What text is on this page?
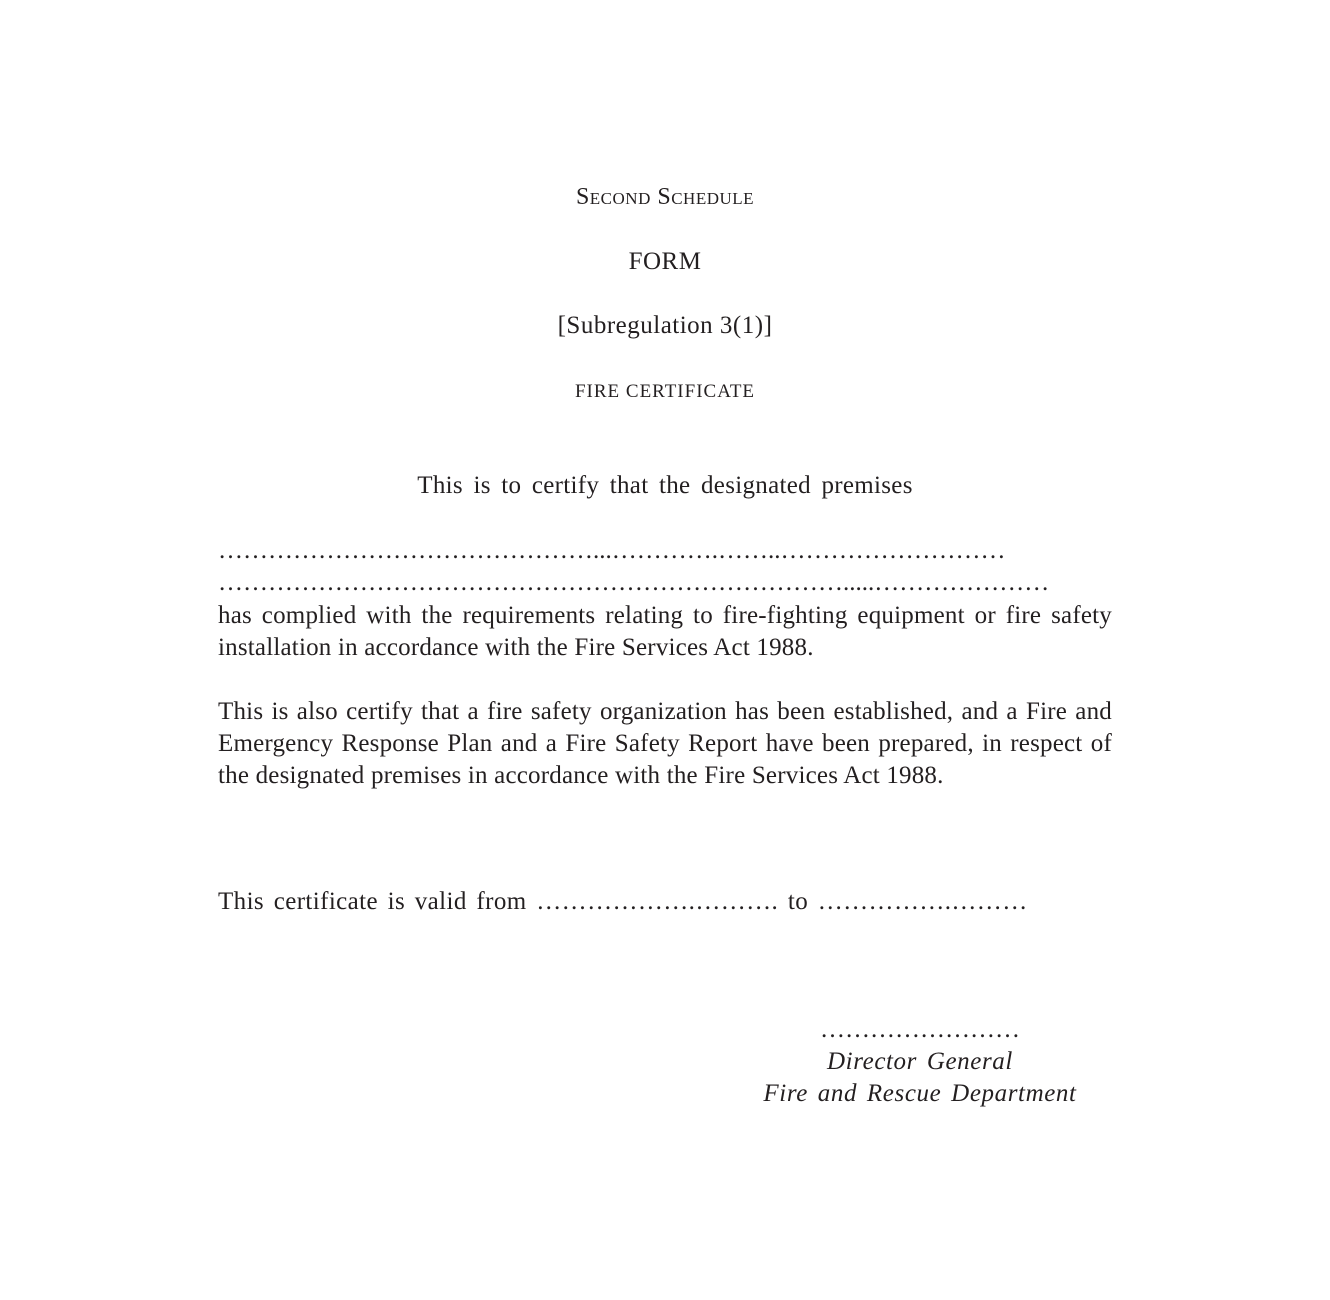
Second Schedule
FORM
[Subregulation 3(1)]
FIRE CERTIFICATE
This is to certify that the designated premises
………………………………………...………….……..………………………
………………………………………………………………….....…………………
has complied with the requirements relating to fire-fighting equipment or fire safety installation in accordance with the Fire Services Act 1988.
This is also certify that a fire safety organization has been established, and a Fire and Emergency Response Plan and a Fire Safety Report have been prepared, in respect of the designated premises in accordance with the Fire Services Act 1988.
This certificate is valid from ……………….………. to …………….………
……………………
Director General
Fire and Rescue Department
